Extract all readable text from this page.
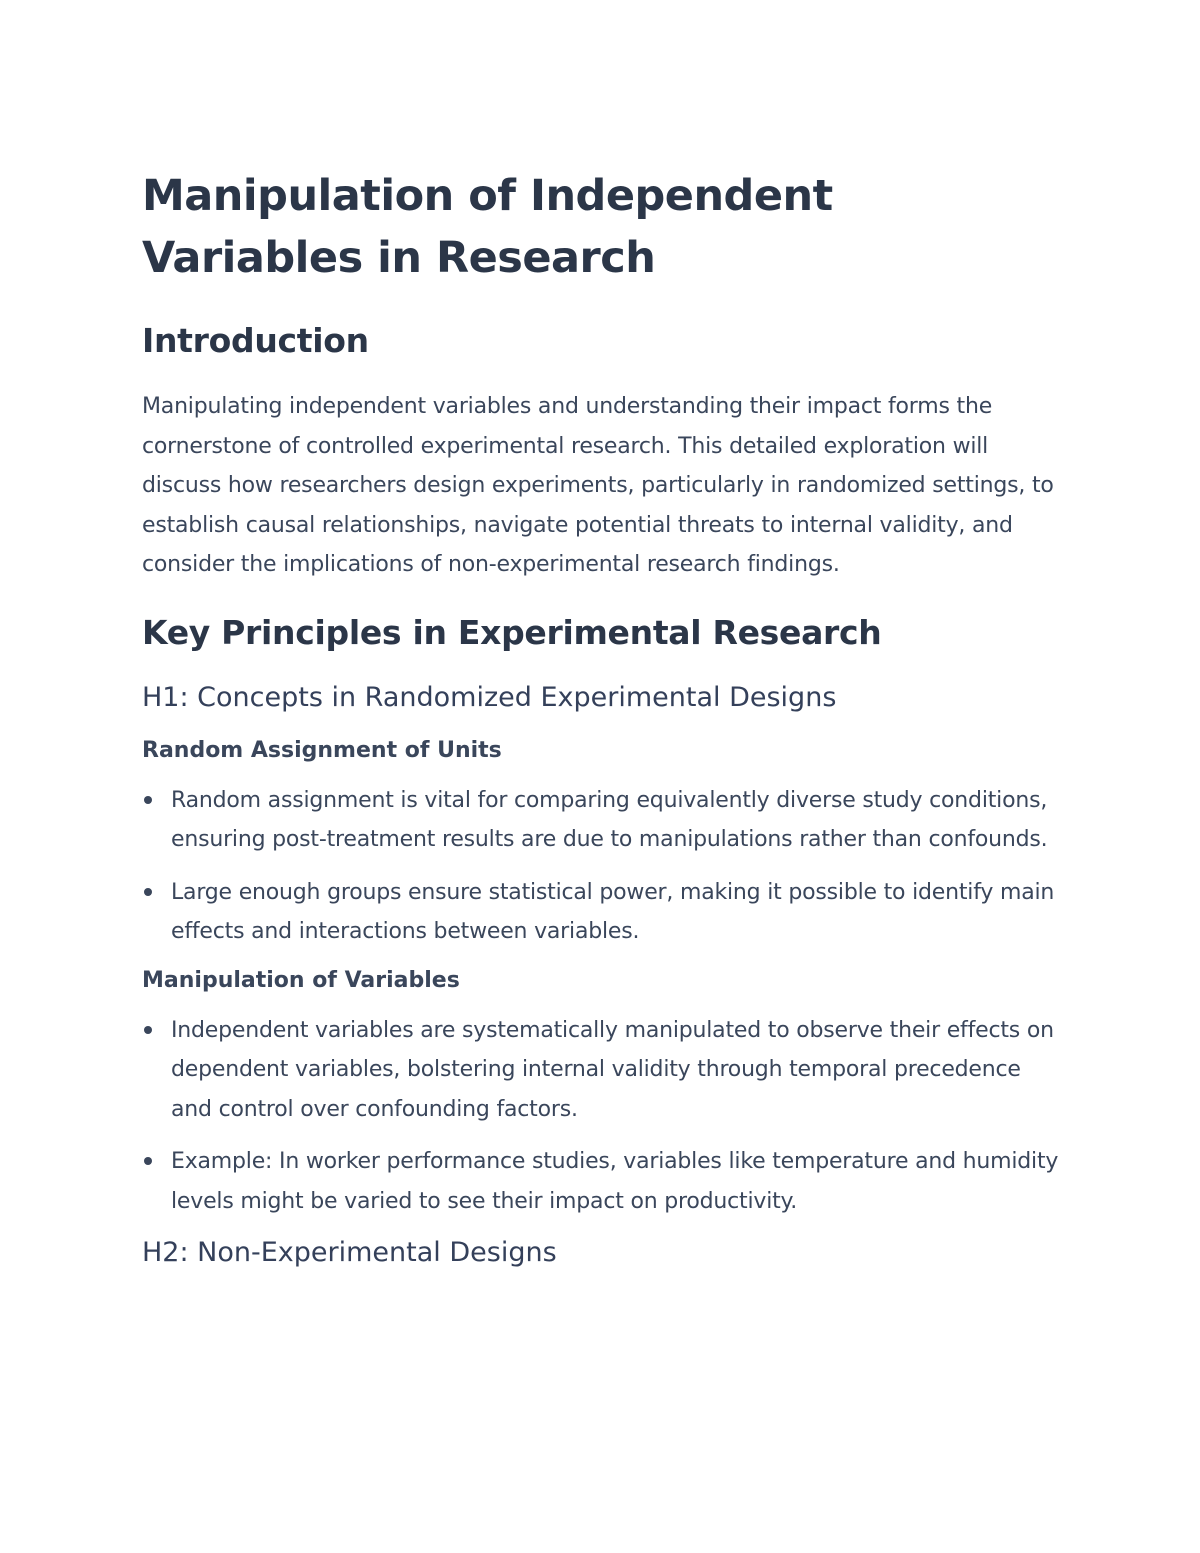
Manipulation of Independent Variables in Research
Introduction

Manipulating independent variables and understanding their impact forms the cornerstone of controlled experimental research. This detailed exploration will discuss how researchers design experiments, particularly in randomized settings, to establish causal relationships, navigate potential threats to internal validity, and consider the implications of non-experimental research findings.

Key Principles in Experimental Research
H1: Concepts in Randomized Experimental Designs
Random Assignment of Units
Random assignment is vital for comparing equivalently diverse study conditions, ensuring post-treatment results are due to manipulations rather than confounds.
Large enough groups ensure statistical power, making it possible to identify main effects and interactions between variables.
Manipulation of Variables
Independent variables are systematically manipulated to observe their effects on dependent variables, bolstering internal validity through temporal precedence and control over confounding factors.
Example: In worker performance studies, variables like temperature and humidity levels might be varied to see their impact on productivity.
H2: Non-Experimental Designs
